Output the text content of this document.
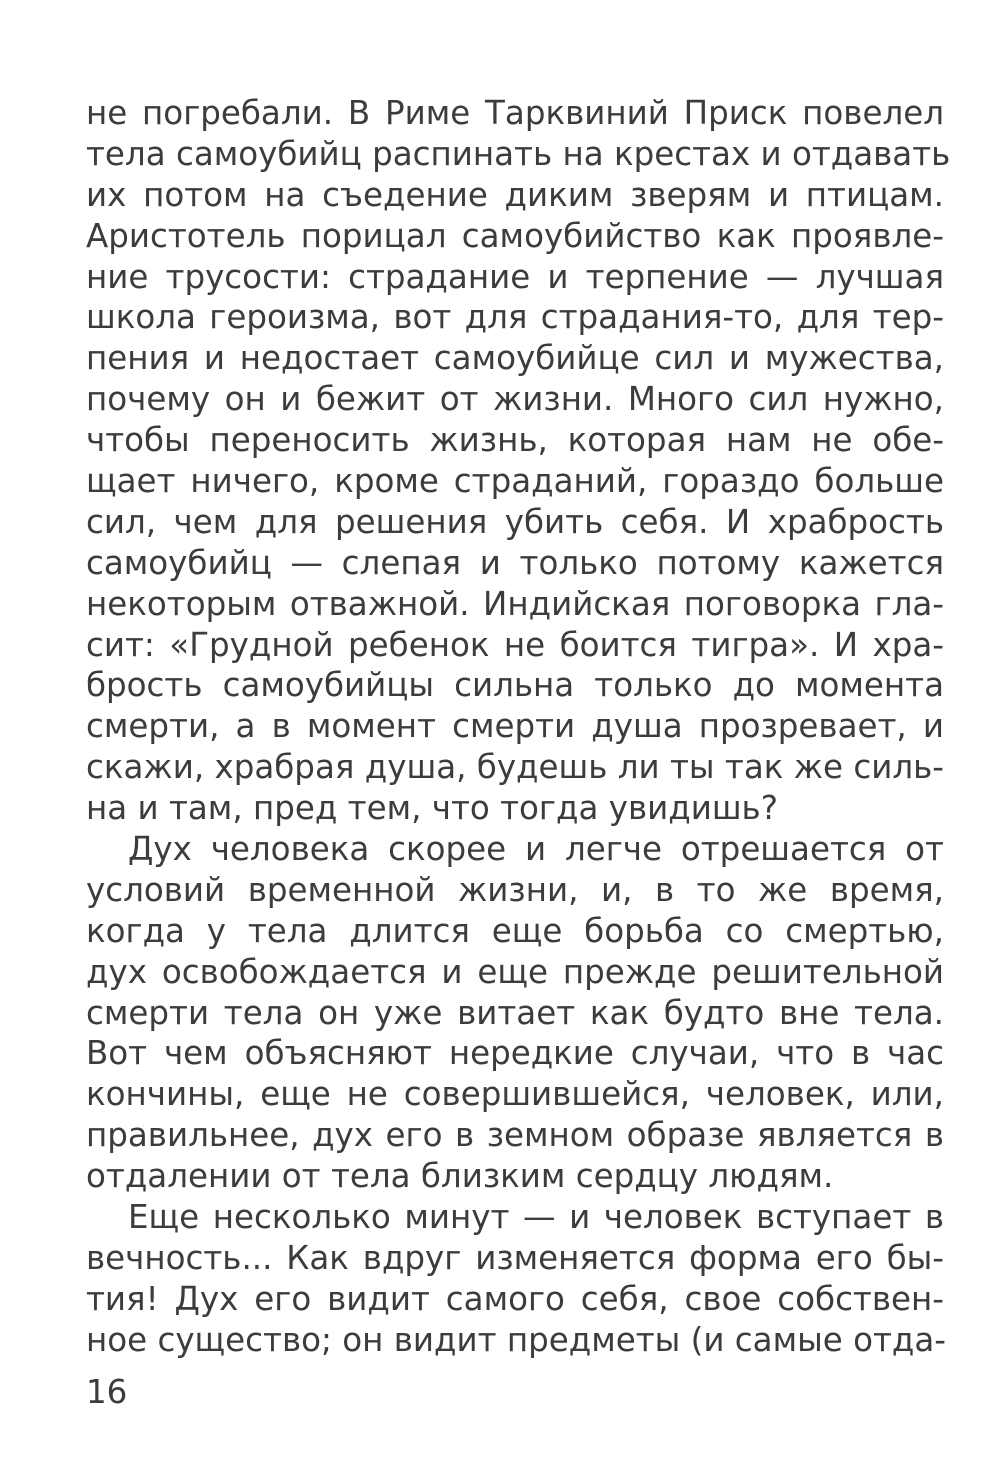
не погребали. В Риме Тарквиний Приск повелел
тела самоубийц распинать на крестах и отдавать
их потом на съедение диким зверям и птицам.
Аристотель порицал самоубийство как проявле-
ние трусости: страдание и терпение — лучшая
школа героизма, вот для страдания-то, для тер-
пения и недостает самоубийце сил и мужества,
почему он и бежит от жизни. Много сил нужно,
чтобы переносить жизнь, которая нам не обе-
щает ничего, кроме страданий, гораздо больше
сил, чем для решения убить себя. И храбрость
самоубийц — слепая и только потому кажется
некоторым отважной. Индийская поговорка гла-
сит: «Грудной ребенок не боится тигра». И хра-
брость самоубийцы сильна только до момента
смерти, а в момент смерти душа прозревает, и
скажи, храбрая душа, будешь ли ты так же силь-
на и там, пред тем, что тогда увидишь?
Дух человека скорее и легче отрешается от
условий временной жизни, и, в то же время,
когда у тела длится еще борьба со смертью,
дух освобождается и еще прежде решительной
смерти тела он уже витает как будто вне тела.
Вот чем объясняют нередкие случаи, что в час
кончины, еще не совершившейся, человек, или,
правильнее, дух его в земном образе является в
отдалении от тела близким сердцу людям.
Еще несколько минут — и человек вступает в
вечность... Как вдруг изменяется форма его бы-
тия! Дух его видит самого себя, свое собствен-
ное существо; он видит предметы (и самые отда-
16
